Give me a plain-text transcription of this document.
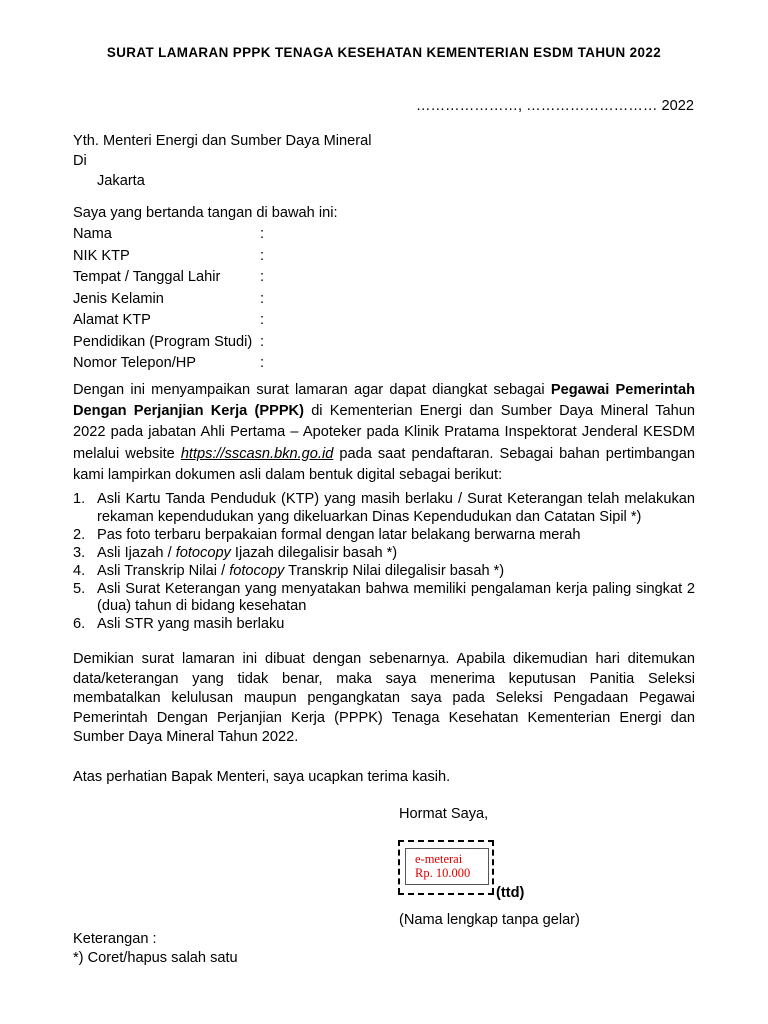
SURAT LAMARAN PPPK TENAGA KESEHATAN KEMENTERIAN ESDM TAHUN 2022
…………………, ……………………… 2022
Yth. Menteri Energi dan Sumber Daya Mineral
Di
Jakarta
Saya yang bertanda tangan di bawah ini:
Nama	:
NIK KTP	:
Tempat / Tanggal Lahir	:
Jenis Kelamin	:
Alamat KTP	:
Pendidikan (Program Studi) :
Nomor Telepon/HP	:
Dengan ini menyampaikan surat lamaran agar dapat diangkat sebagai Pegawai Pemerintah Dengan Perjanjian Kerja (PPPK) di Kementerian Energi dan Sumber Daya Mineral Tahun 2022 pada jabatan Ahli Pertama – Apoteker pada Klinik Pratama Inspektorat Jenderal KESDM melalui website https://sscasn.bkn.go.id pada saat pendaftaran. Sebagai bahan pertimbangan kami lampirkan dokumen asli dalam bentuk digital sebagai berikut:
1. Asli Kartu Tanda Penduduk (KTP) yang masih berlaku / Surat Keterangan telah melakukan rekaman kependudukan yang dikeluarkan Dinas Kependudukan dan Catatan Sipil *)
2. Pas foto terbaru berpakaian formal dengan latar belakang berwarna merah
3. Asli Ijazah / fotocopy Ijazah dilegalisir basah *)
4. Asli Transkrip Nilai / fotocopy Transkrip Nilai dilegalisir basah *)
5. Asli Surat Keterangan yang menyatakan bahwa memiliki pengalaman kerja paling singkat 2 (dua) tahun di bidang kesehatan
6. Asli STR yang masih berlaku
Demikian surat lamaran ini dibuat dengan sebenarnya. Apabila dikemudian hari ditemukan data/keterangan yang tidak benar, maka saya menerima keputusan Panitia Seleksi membatalkan kelulusan maupun pengangkatan saya pada Seleksi Pengadaan Pegawai Pemerintah Dengan Perjanjian Kerja (PPPK) Tenaga Kesehatan Kementerian Energi dan Sumber Daya Mineral Tahun 2022.
Atas perhatian Bapak Menteri, saya ucapkan terima kasih.
Hormat Saya,
e-meterai
Rp. 10.000
(ttd)
(Nama lengkap tanpa gelar)
Keterangan :
*) Coret/hapus salah satu
